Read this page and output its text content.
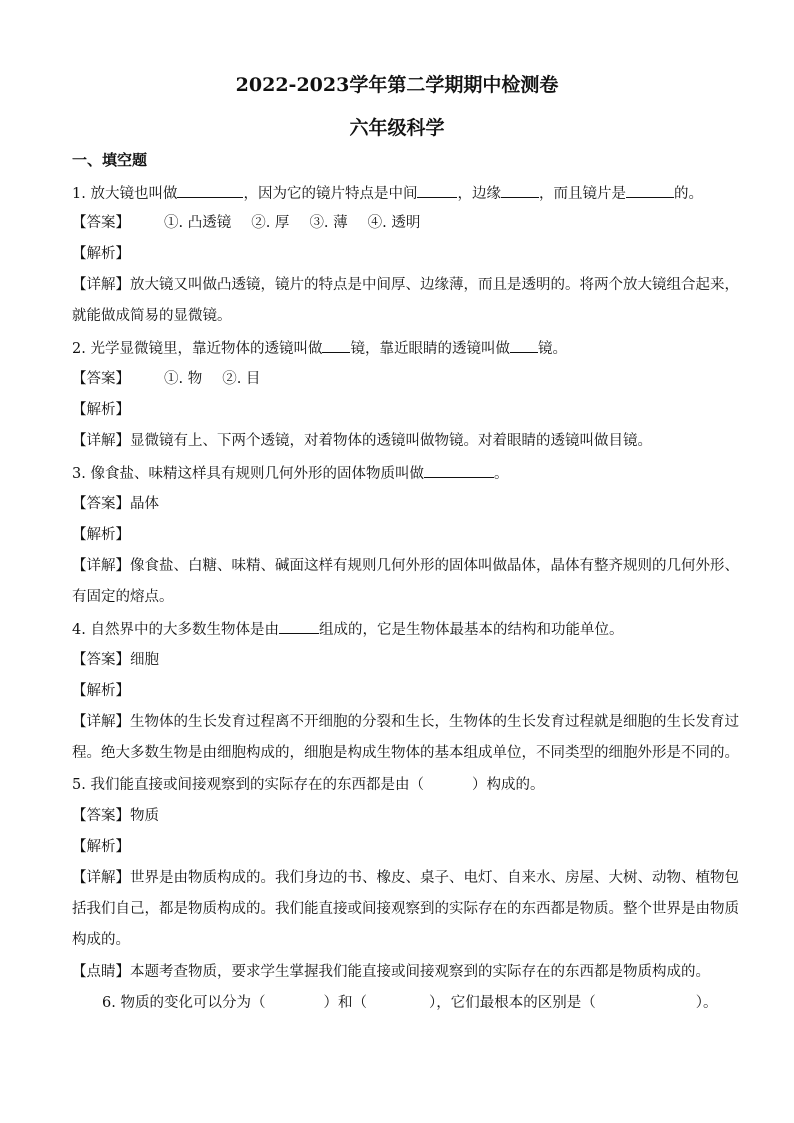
2022-2023学年第二学期期中检测卷
六年级科学
一、填空题
1. 放大镜也叫做	，因为它的镜片特点是中间	，边缘	，而且镜片是	的。
【答案】 ①. 凸透镜 ②. 厚 ③. 薄 ④. 透明
【解析】
【详解】放大镜又叫做凸透镜，镜片的特点是中间厚、边缘薄，而且是透明的。将两个放大镜组合起来，
就能做成简易的显微镜。
2. 光学显微镜里，靠近物体的透镜叫做 镜，靠近眼睛的透镜叫做 镜。
【答案】 ①. 物 ②. 目
【解析】
【详解】显微镜有上、下两个透镜，对着物体的透镜叫做物镜。对着眼睛的透镜叫做目镜。
3. 像食盐、味精这样具有规则几何外形的固体物质叫做	。
【答案】晶体
【解析】
【详解】像食盐、白糖、味精、碱面这样有规则几何外形的固体叫做晶体，晶体有整齐规则的几何外形、
有固定的熔点。
4. 自然界中的大多数生物体是由	组成的，它是生物体最基本的结构和功能单位。
【答案】细胞
【解析】
【详解】生物体的生长发育过程离不开细胞的分裂和生长，生物体的生长发育过程就是细胞的生长发育过
程。绝大多数生物是由细胞构成的，细胞是构成生物体的基本组成单位，不同类型的细胞外形是不同的。
5. 我们能直接或间接观察到的实际存在的东西都是由（	）构成的。
【答案】物质
【解析】
【详解】世界是由物质构成的。我们身边的书、橡皮、桌子、电灯、自来水、房屋、大树、动物、植物包
括我们自己，都是物质构成的。我们能直接或间接观察到的实际存在的东西都是物质。整个世界是由物质
构成的。
【点睛】本题考查物质，要求学生掌握我们能直接或间接观察到的实际存在的东西都是物质构成的。
6. 物质的变化可以分为（	）和（	），它们最根本的区别是（	）。
